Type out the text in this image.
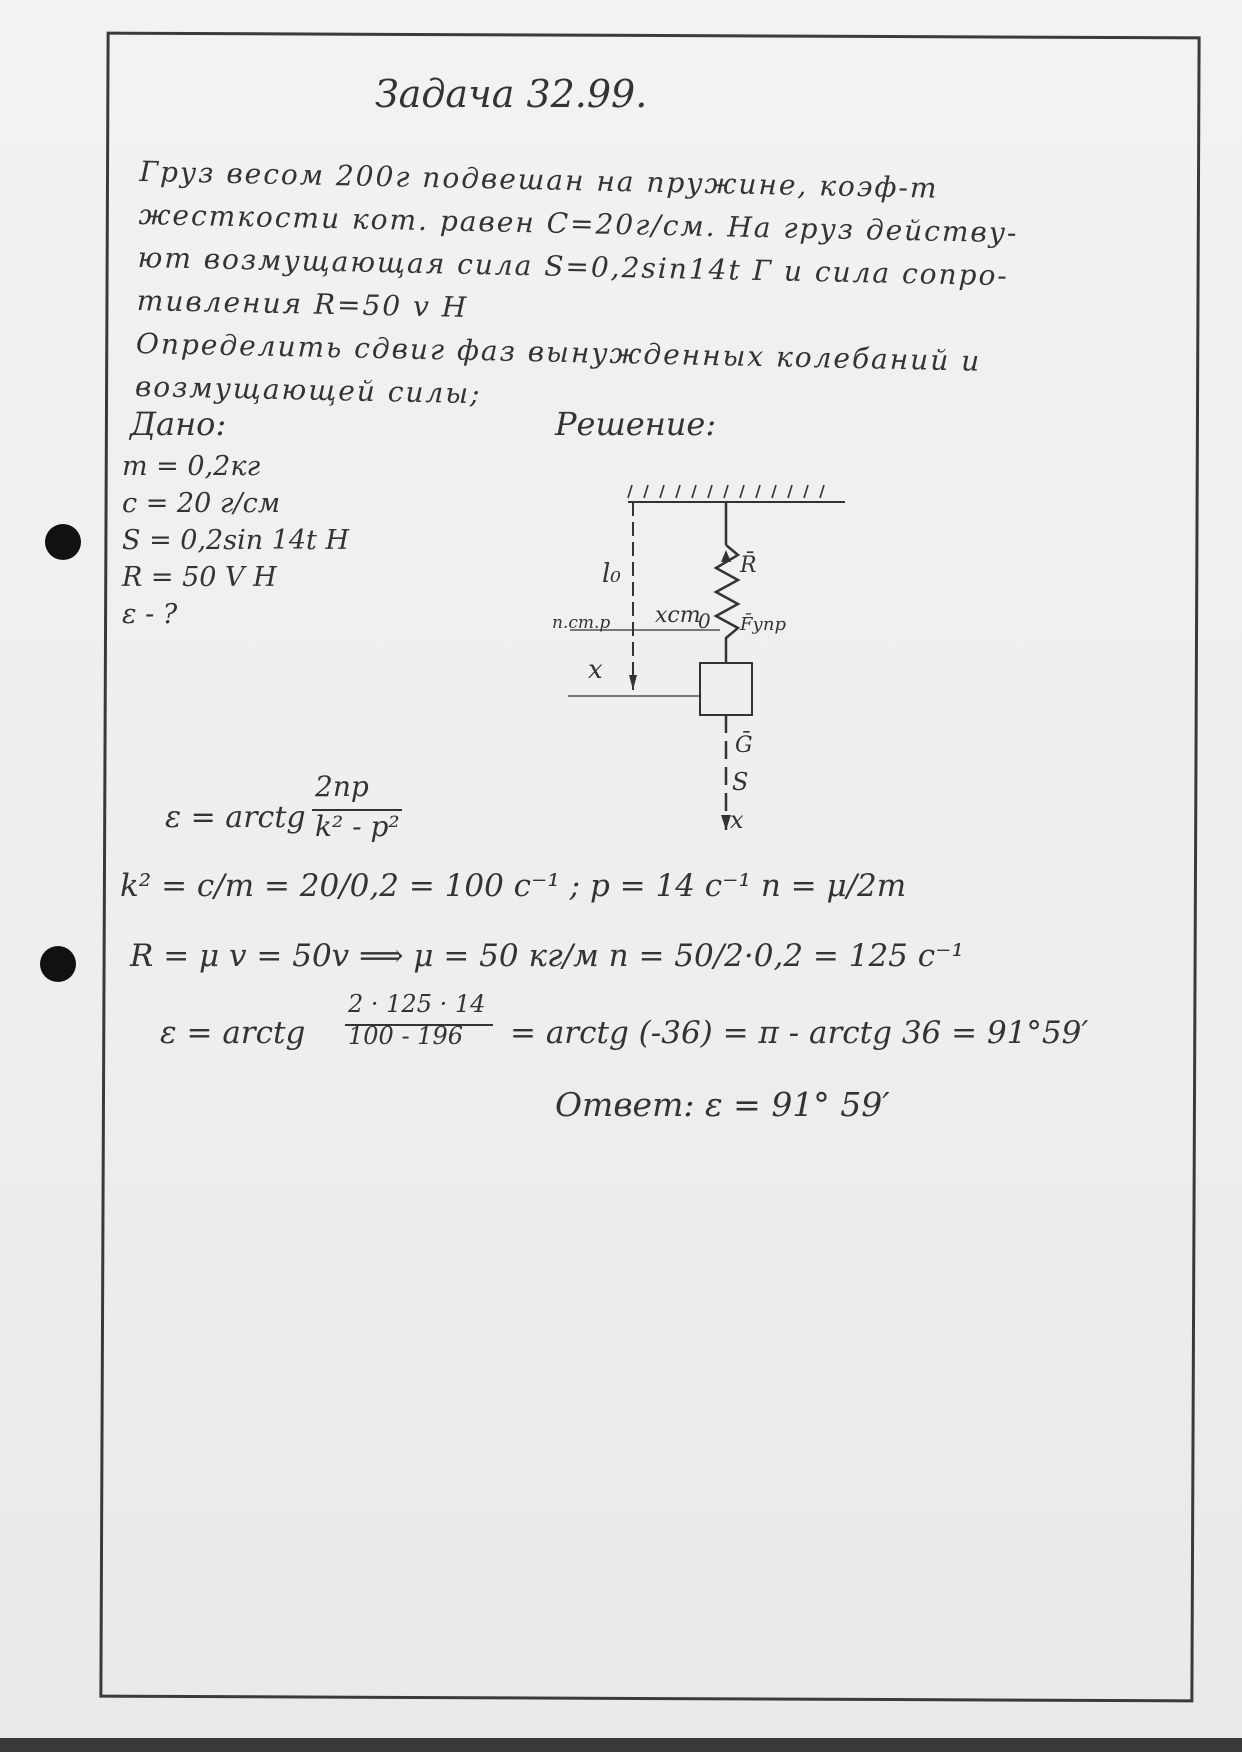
Задача 32.99.
Груз весом 200г подвешан на пружине, коэф-т
жесткости кот. равен С=20г/см. На груз действу-
ют возмущающая сила S=0,2sin14t Г и сила сопро-
тивления R=50 v Н
Определить сдвиг фаз вынужденных колебаний и
возмущающей силы;
Дано:
m = 0,2кг
c = 20 г/см
S = 0,2sin 14t H
R = 50 V H
ε - ?
Решение:
l₀	R̄
п.ст.р xст
0 F̄упр
x
Ḡ
S
x
ε = arctg
2np
k² - p²
k² = c/m = 20/0,2 = 100 c⁻¹ ; p = 14 c⁻¹ n = μ/2m
R = μ v = 50v ⟹ μ = 50 кг/м n = 50/2·0,2 = 125 c⁻¹
ε = arctg
2 · 125 · 14
100 - 196 = arctg (-36) = π - arctg 36 = 91°59′
Ответ: ε = 91° 59′
